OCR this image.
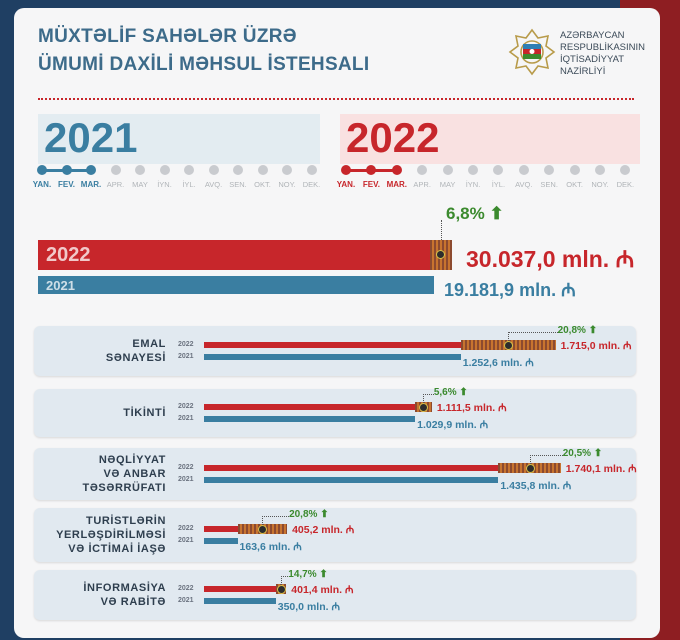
MÜXTƏLİF SAHƏLƏR ÜZRƏ
ÜMUMİ DAXİLİ MƏHSUL İSTEHSALI
AZƏRBAYCAN
RESPUBLİKASININ
İQTİSADİYYAT
NAZİRLİYİ
2021	2022
YAN. FEV. MAR. APR. MAY İYN. İYL. AVQ. SEN. OKT. NOY. DEK. YAN. FEV. MAR. APR. MAY İYN. İYL. AVQ. SEN. OKT. NOY. DEK.
2022
2021
6,8% ⬆
30.037,0 mln. ₼
19.181,9 mln. ₼
EMAL
SƏNAYESİ
2022
2021
20,8% ⬆
1.715,0 mln. ₼
1.252,6 mln. ₼
TİKİNTİ
2022
2021
5,6% ⬆
1.111,5 mln. ₼
1.029,9 mln. ₼
NƏQLİYYAT
VƏ ANBAR
TƏSƏRRÜFATI
2022
2021
20,5% ⬆
1.740,1 mln. ₼
1.435,8 mln. ₼
TURİSTLƏRİN
YERLƏŞDİRİLMƏSİ
VƏ İCTİMAİ İAŞƏ
2022
2021
20,8% ⬆
405,2 mln. ₼
163,6 mln. ₼
İNFORMASİYA
VƏ RABİTƏ
2022
2021
14,7% ⬆
401,4 mln. ₼
350,0 mln. ₼
